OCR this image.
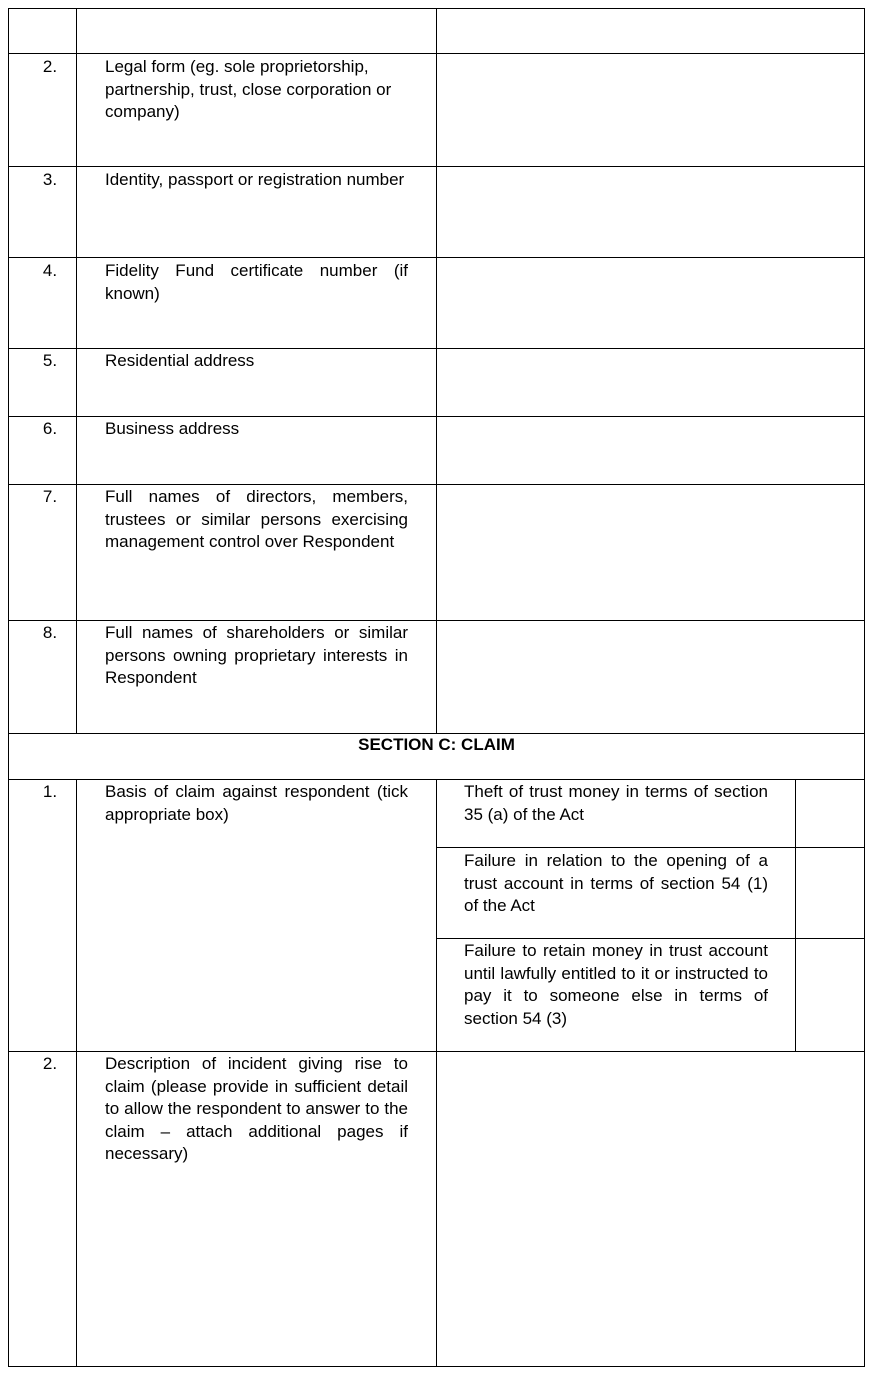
2.	Legal form (eg. sole proprietorship, partnership, trust, close corporation or company)
3.	Identity, passport or registration number
4.	Fidelity Fund certificate number (if known)
5.	Residential address
6.	Business address
7.	Full names of directors, members, trustees or similar persons exercising management control over Respondent
8.	Full names of shareholders or similar persons owning proprietary interests in Respondent
SECTION C: CLAIM
1.	Basis of claim against respondent (tick appropriate box)
Theft of trust money in terms of section 35 (a) of the Act
Failure in relation to the opening of a trust account in terms of section 54 (1) of the Act
Failure to retain money in trust account until lawfully entitled to it or instructed to pay it to someone else in terms of section 54 (3)
2.	Description of incident giving rise to claim (please provide in sufficient detail to allow the respondent to answer to the claim – attach additional pages if necessary)
